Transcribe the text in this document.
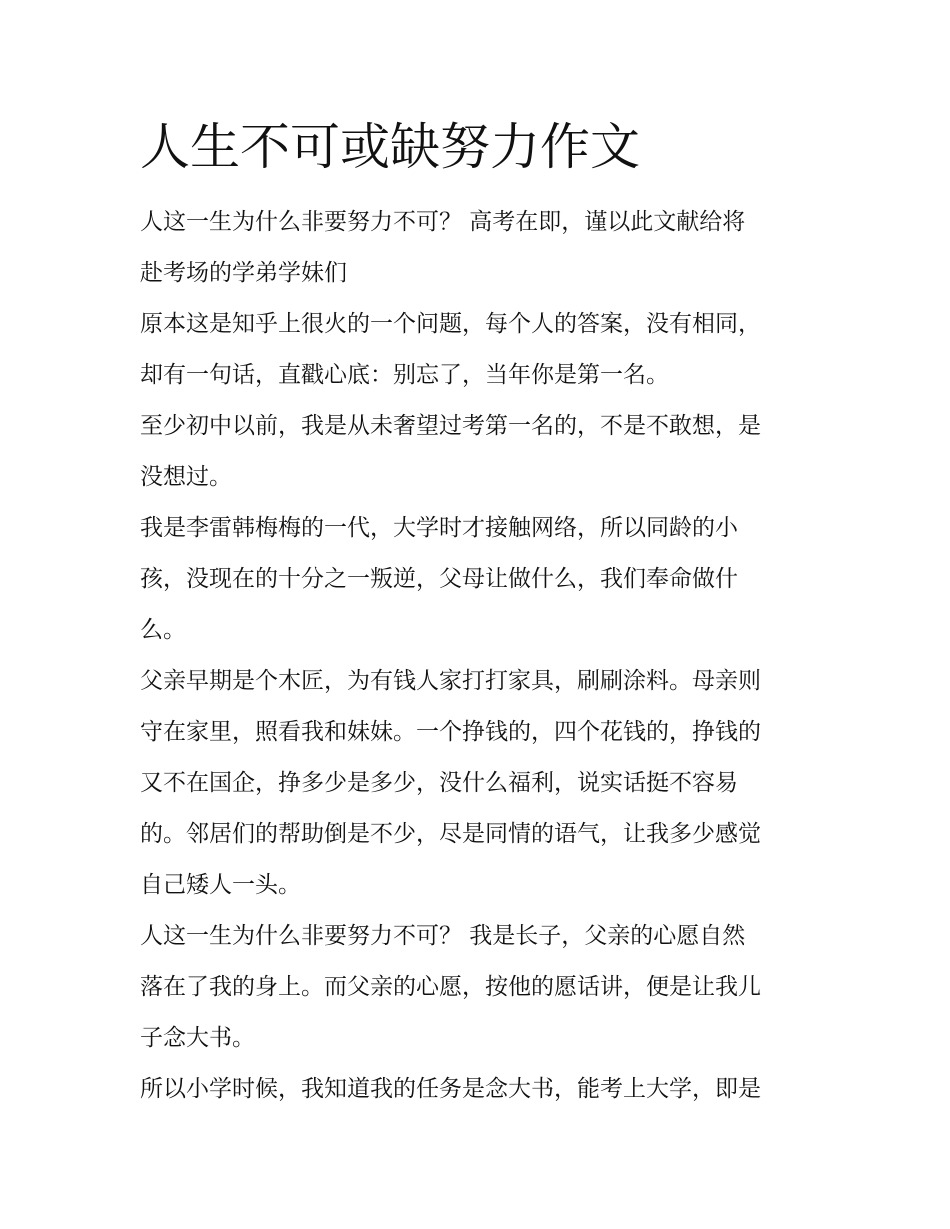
人生不可或缺努力作文

人这一生为什么非要努力不可？ 高考在即，谨以此文献给将

赴考场的学弟学妹们

原本这是知乎上很火的一个问题，每个人的答案，没有相同，

却有一句话，直戳心底：别忘了，当年你是第一名。

至少初中以前，我是从未奢望过考第一名的，不是不敢想，是

没想过。

我是李雷韩梅梅的一代，大学时才接触网络，所以同龄的小

孩，没现在的十分之一叛逆，父母让做什么，我们奉命做什

么。

父亲早期是个木匠，为有钱人家打打家具，刷刷涂料。母亲则

守在家里，照看我和妹妹。一个挣钱的，四个花钱的，挣钱的

又不在国企，挣多少是多少，没什么福利，说实话挺不容易

的。邻居们的帮助倒是不少，尽是同情的语气，让我多少感觉

自己矮人一头。

人这一生为什么非要努力不可？ 我是长子，父亲的心愿自然

落在了我的身上。而父亲的心愿，按他的愿话讲，便是让我儿

子念大书。

所以小学时候，我知道我的任务是念大书，能考上大学，即是
